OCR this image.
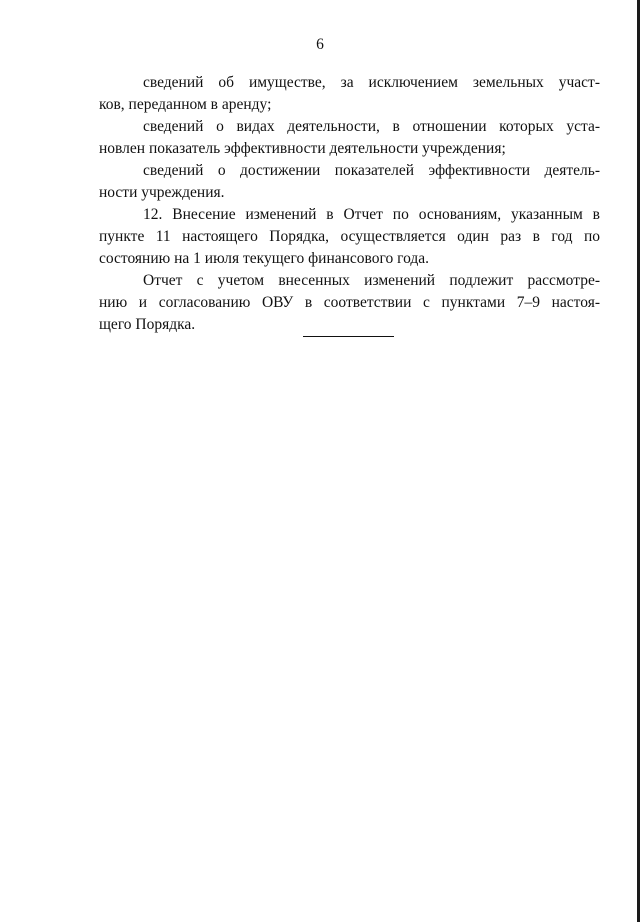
6
сведений об имуществе, за исключением земельных участ-
ков, переданном в аренду;
сведений о видах деятельности, в отношении которых уста-
новлен показатель эффективности деятельности учреждения;
сведений о достижении показателей эффективности деятель-
ности учреждения.
12. Внесение изменений в Отчет по основаниям, указанным в
пункте 11 настоящего Порядка, осуществляется один раз в год по
состоянию на 1 июля текущего финансового года.
Отчет с учетом внесенных изменений подлежит рассмотре-
нию и согласованию ОВУ в соответствии с пунктами 7–9 настоя-
щего Порядка.
